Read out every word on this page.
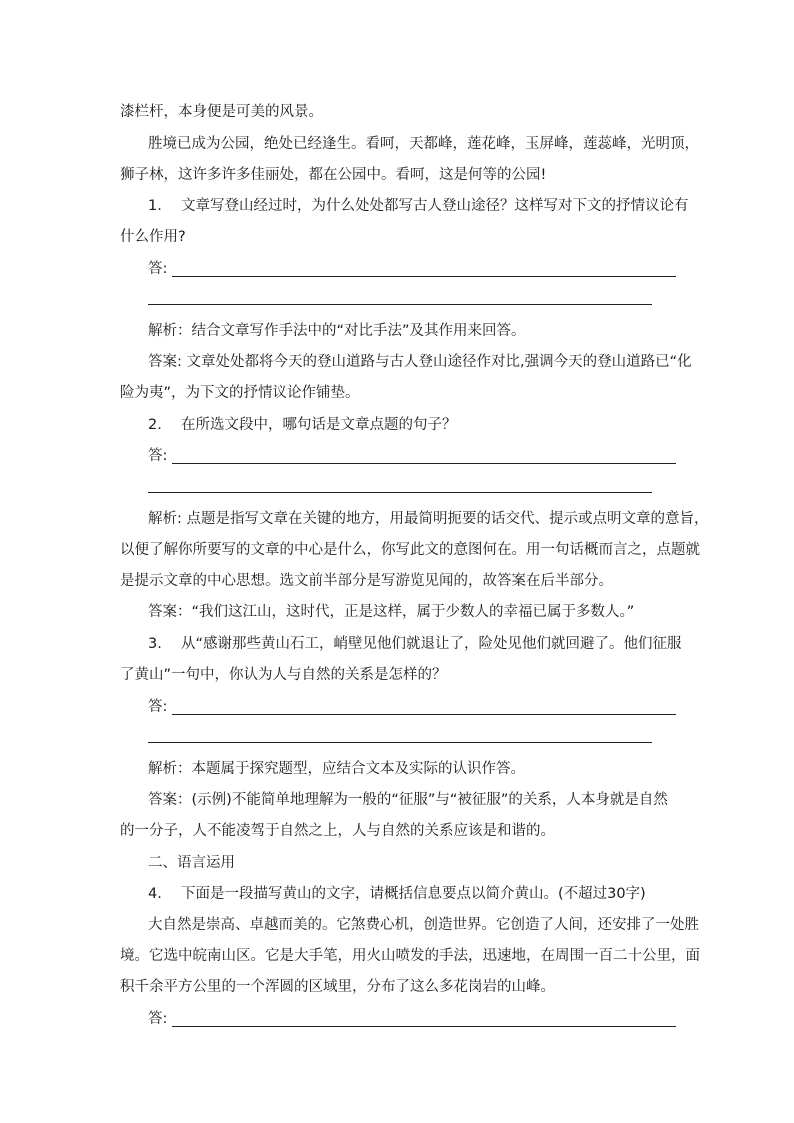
漆栏杆，本身便是可美的风景。
胜境已成为公园，绝处已经逢生。看呵，天都峰，莲花峰，玉屏峰，莲蕊峰，光明顶，
狮子林，这许多许多佳丽处，都在公园中。看呵，这是何等的公园!
1.　 文章写登山经过时，为什么处处都写古人登山途径？这样写对下文的抒情议论有
什么作用?
答:
解析：结合文章写作手法中的“对比手法”及其作用来回答。
答案: 文章处处都将今天的登山道路与古人登山途径作对比,强调今天的登山道路已“化
险为夷”，为下文的抒情议论作铺垫。
2.　 在所选文段中，哪句话是文章点题的句子？
答:
解析: 点题是指写文章在关键的地方，用最简明扼要的话交代、提示或点明文章的意旨，
以便了解你所要写的文章的中心是什么，你写此文的意图何在。用一句话概而言之，点题就
是提示文章的中心思想。选文前半部分是写游览见闻的，故答案在后半部分。
答案：“我们这江山，这时代，正是这样，属于少数人的幸福已属于多数人。”
3.　 从“感谢那些黄山石工，峭壁见他们就退让了，险处见他们就回避了。他们征服
了黄山”一句中，你认为人与自然的关系是怎样的？
答:
解析：本题属于探究题型，应结合文本及实际的认识作答。
答案：(示例)不能简单地理解为一般的“征服”与“被征服”的关系，人本身就是自然
的一分子，人不能凌驾于自然之上，人与自然的关系应该是和谐的。
二、语言运用
4.　 下面是一段描写黄山的文字，请概括信息要点以简介黄山。(不超过30字)
大自然是崇高、卓越而美的。它煞费心机，创造世界。它创造了人间，还安排了一处胜
境。它选中皖南山区。它是大手笔，用火山喷发的手法，迅速地，在周围一百二十公里，面
积千余平方公里的一个浑圆的区域里，分布了这么多花岗岩的山峰。
答:
